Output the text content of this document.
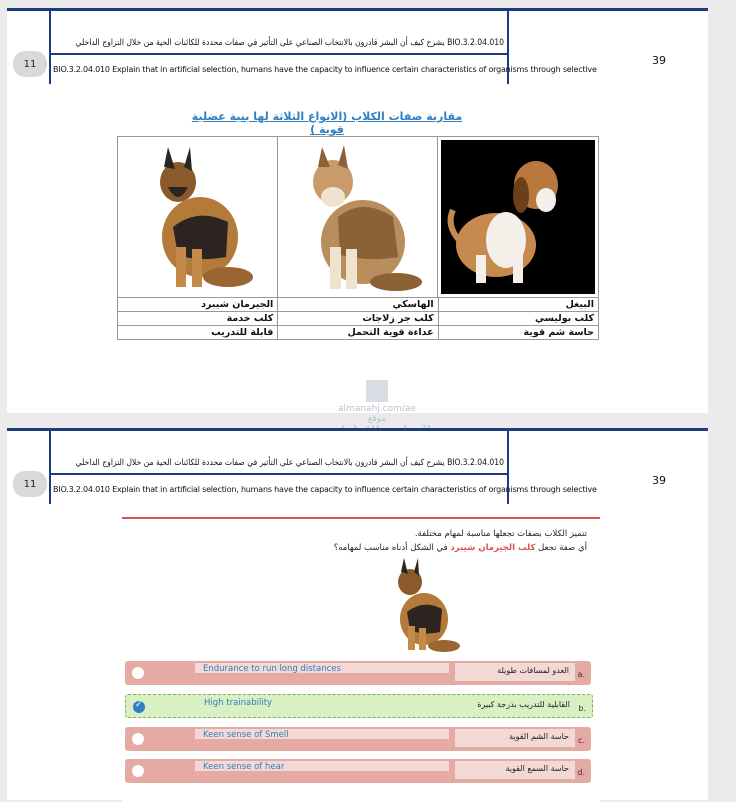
11
BIO.3.2.04.010 يشرح كيف أن البشر قادرون بالانتخاب الصناعي على التأثير في صفات محددة للكائنات الحية من خلال التزاوج الداخلي
BIO.3.2.04.010 Explain that in artificial selection, humans have the capacity to influence certain characteristics of organisms through selective
39
مقارنة صفات الكلاب (الانواع الثلاثة لها بنية عضلية قوية )
الجيرمان شيبرد	الهاسكي	البيغل
كلب خدمة	كلب جر زلاجات	كلب بوليسي
قابلة للتدريب	عداءة قوية التحمل	حاسة شم قوية
almanahj.com/ae
موقع
11
BIO.3.2.04.010 يشرح كيف أن البشر قادرون بالانتخاب الصناعي على التأثير في صفات محددة للكائنات الحية من خلال التزاوج الداخلي
BIO.3.2.04.010 Explain that in artificial selection, humans have the capacity to influence certain characteristics of organisms through selective
39
تتميز الكلاب بصفات تجعلها مناسبة لمهام مختلفة.
أي صفة تجعل كلب الجيرمان شيبرد في الشكل أدناه مناسب لمهامه؟
Endurance to run long distances	العدو لمسافات طويلة a.
✓
High trainability	القابلية للتدريب بدرجة كبيرة b.
Keen sense of Smell	حاسة الشم القوية c.
Keen sense of hear	حاسة السمع القوية d.
